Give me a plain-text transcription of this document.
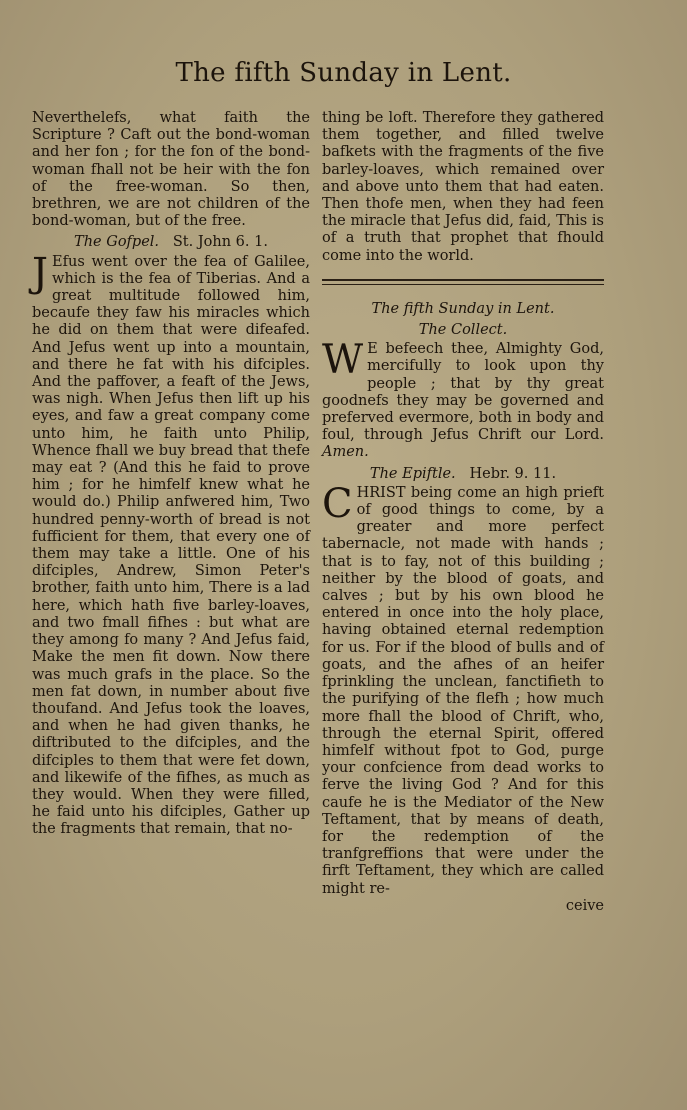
The fifth Sunday in Lent.

Neverthelefs, what faith the Scripture ? Caft out the bond-woman and her fon ; for the fon of the bond-woman fhall not be heir with the fon of the free-woman. So then, brethren, we are not children of the bond-woman, but of the free.

The Gofpel. St. John 6. 1.

J Efus went over the fea of Galilee, which is the fea of Tiberias. And a great multitude followed him, becaufe they faw his miracles which he did on them that were difeafed. And Jefus went up into a mountain, and there he fat with his difciples. And the paffover, a feaft of the Jews, was nigh. When Jefus then lift up his eyes, and faw a great company come unto him, he faith unto Philip, Whence fhall we buy bread that thefe may eat ? (And this he faid to prove him ; for he himfelf knew what he would do.) Philip anfwered him, Two hundred penny-worth of bread is not fufficient for them, that every one of them may take a little. One of his difciples, Andrew, Simon Peter's brother, faith unto him, There is a lad here, which hath five barley-loaves, and two fmall fifhes : but what are they among fo many ? And Jefus faid, Make the men fit down. Now there was much grafs in the place. So the men fat down, in number about five thoufand. And Jefus took the loaves, and when he had given thanks, he diftributed to the difciples, and the difciples to them that were fet down, and likewife of the fifhes, as much as they would. When they were filled, he faid unto his difciples, Gather up the fragments that remain, that no-

thing be loft. Therefore they gathered them together, and filled twelve bafkets with the fragments of the five barley-loaves, which remained over and above unto them that had eaten. Then thofe men, when they had feen the miracle that Jefus did, faid, This is of a truth that prophet that fhould come into the world.

The fifth Sunday in Lent.
The Collect.

W E befeech thee, Almighty God, mercifully to look upon thy people ; that by thy great goodnefs they may be governed and preferved evermore, both in body and foul, through Jefus Chrift our Lord. Amen.

The Epiftle. Hebr. 9. 11.

CHRIST being come an high prieft of good things to come, by a greater and more perfect tabernacle, not made with hands ; that is to fay, not of this building ; neither by the blood of goats, and calves ; but by his own blood he entered in once into the holy place, having obtained eternal redemption for us. For if the blood of bulls and of goats, and the afhes of an heifer fprinkling the unclean, fanctifieth to the purifying of the flefh ; how much more fhall the blood of Chrift, who, through the eternal Spirit, offered himfelf without fpot to God, purge your confcience from dead works to ferve the living God ? And for this caufe he is the Mediator of the New Teftament, that by means of death, for the redemption of the tranfgreffions that were under the firft Teftament, they which are called might re-

ceive
